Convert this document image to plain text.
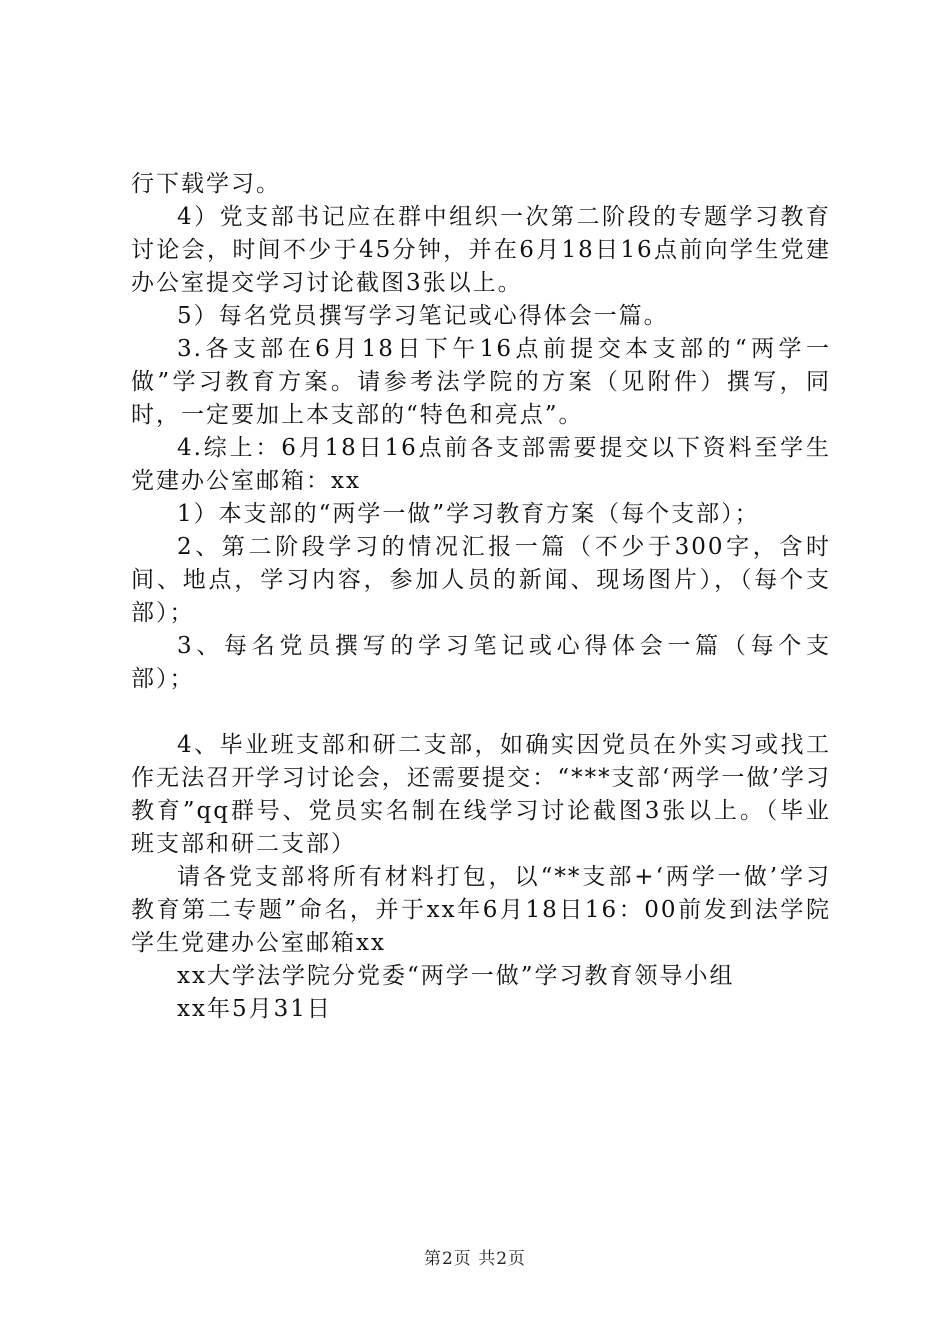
行下载学习。

4）党支部书记应在群中组织一次第二阶段的专题学习教育讨论会，时间不少于45分钟，并在6月18日16点前向学生党建办公室提交学习讨论截图3张以上。

5）每名党员撰写学习笔记或心得体会一篇。

3.各支部在6月18日下午16点前提交本支部的“两学一做”学习教育方案。请参考法学院的方案（见附件）撰写，同时，一定要加上本支部的“特色和亮点”。

4.综上：6月18日16点前各支部需要提交以下资料至学生党建办公室邮箱：xx

1）本支部的“两学一做”学习教育方案（每个支部）；

2、第二阶段学习的情况汇报一篇（不少于300字，含时间、地点，学习内容，参加人员的新闻、现场图片），（每个支部）；

3、每名党员撰写的学习笔记或心得体会一篇（每个支部）；

4、毕业班支部和研二支部，如确实因党员在外实习或找工作无法召开学习讨论会，还需要提交：“***支部‘两学一做’学习教育”qq群号、党员实名制在线学习讨论截图3张以上。（毕业班支部和研二支部）

请各党支部将所有材料打包，以“**支部+‘两学一做’学习教育第二专题”命名，并于xx年6月18日16：00前发到法学院学生党建办公室邮箱xx

xx大学法学院分党委“两学一做”学习教育领导小组

xx年5月31日

第2页 共2页
